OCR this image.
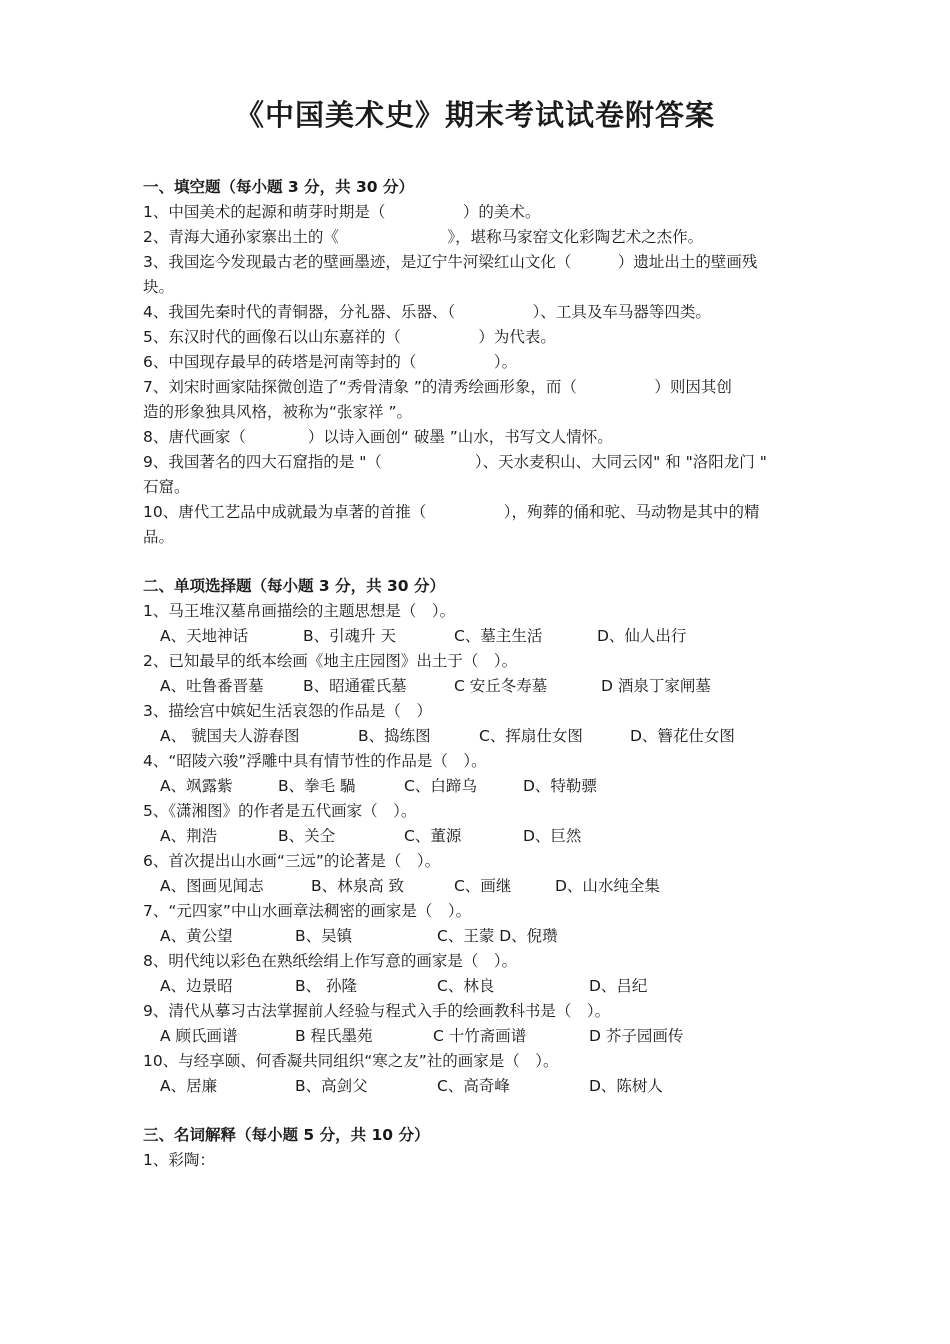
《中国美术史》期末考试试卷附答案
一、填空题（每小题 3 分，共 30 分）
1、中国美术的起源和萌芽时期是（　　　　　）的美术。
2、青海大通孙家寨出土的《　　　　　　　》，堪称马家窑文化彩陶艺术之杰作。
3、我国迄今发现最古老的壁画墨迹，是辽宁牛河梁红山文化（　　　）遗址出土的壁画残
块。
4、我国先秦时代的青铜器，分礼器、乐器、（　　　　　）、工具及车马器等四类。
5、东汉时代的画像石以山东嘉祥的（　　　　　）为代表。
6、中国现存最早的砖塔是河南等封的（　　　　　）。
7、刘宋时画家陆探微创造了“秀骨清象 ”的清秀绘画形象，而（　　　　　）则因其创
造的形象独具风格，被称为“张家祥 ”。
8、唐代画家（　　　　）以诗入画创“ 破墨 ”山水，书写文人情怀。
9、我国著名的四大石窟指的是 "（　　　　　　）、天水麦积山、大同云冈" 和 "洛阳龙门 "
石窟。
10、唐代工艺品中成就最为卓著的首推（　　　　　），殉葬的俑和驼、马动物是其中的精
品。
二、单项选择题（每小题 3 分，共 30 分）
1、马王堆汉墓帛画描绘的主题思想是（　）。
A、天地神话	B、引魂升 天	C、墓主生活	D、仙人出行
2、已知最早的纸本绘画《地主庄园图》出土于（　）。
A、吐鲁番晋墓	B、昭通霍氏墓	C 安丘冬寿墓	D 酒泉丁家闸墓
3、描绘宫中嫔妃生活哀怨的作品是（　）
A、 虢国夫人游春图	B、捣练图	C、挥扇仕女图	D、簪花仕女图
4、“昭陵六骏”浮雕中具有情节性的作品是（　）。
A、飒露紫	B、拳毛 騧	C、白蹄乌	D、特勒骠
5、《潇湘图》的作者是五代画家（　）。
A、荆浩	B、关仝	C、董源	D、巨然
6、首次提出山水画“三远”的论著是（　）。
A、图画见闻志	B、林泉高 致	C、画继	D、山水纯全集
7、“元四家”中山水画章法稠密的画家是（　）。
A、黄公望	B、吴镇	C、王蒙 D、倪瓒
8、明代纯以彩色在熟纸绘绢上作写意的画家是（　）。
A、边景昭	B、 孙隆	C、林良	D、吕纪
9、清代从摹习古法掌握前人经验与程式入手的绘画教科书是（　）。
A 顾氏画谱	B 程氏墨苑	C 十竹斋画谱	D 芥子园画传
10、与经享颐、何香凝共同组织“寒之友”社的画家是（　）。
A、居廉	B、高剑父	C、高奇峰	D、陈树人
三、名词解释（每小题 5 分，共 10 分）
1、彩陶：
